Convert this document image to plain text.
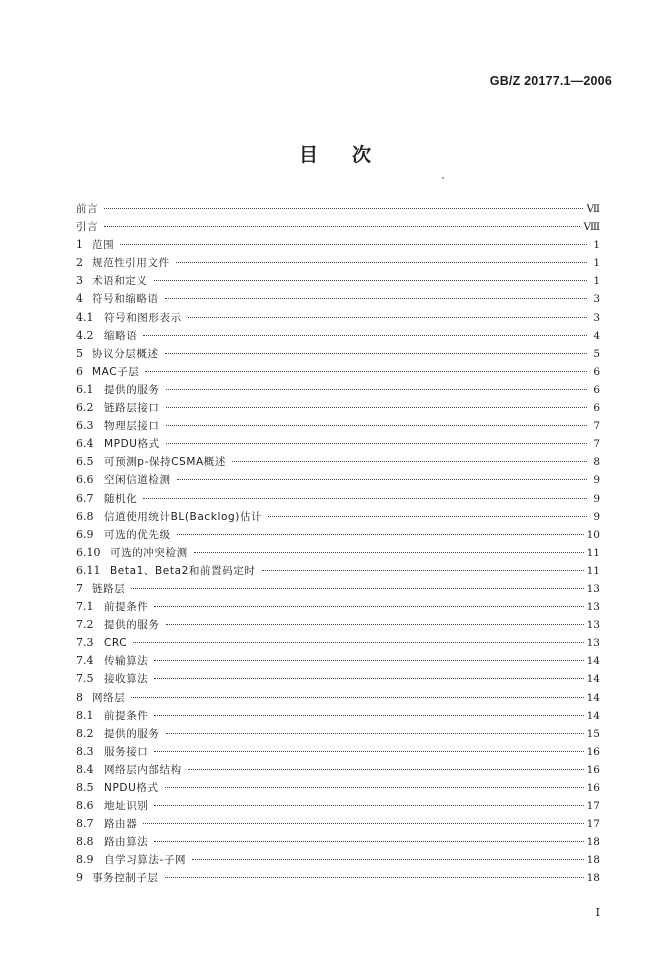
GB/Z 20177.1—2006
目 次
前言	Ⅶ
引言	Ⅷ
1 范围	1
2 规范性引用文件	1
3 术语和定义	1
4 符号和缩略语	3
4.1	符号和图形表示	3
4.2	缩略语	4
5 协议分层概述	5
6 MAC子层	6
6.1	提供的服务	6
6.2	链路层接口	6
6.3	物理层接口	7
6.4	MPDU格式	7
6.5	可预测p-保持CSMA概述	8
6.6	空闲信道检测	9
6.7	随机化	9
6.8	信道使用统计BL(Backlog)估计	9
6.9	可选的优先级	10
6.10 可选的冲突检测	11
6.11 Beta1、Beta2和前置码定时	11
7 链路层	13
7.1	前提条件	13
7.2	提供的服务	13
7.3	CRC	13
7.4	传输算法	14
7.5	接收算法	14
8 网络层	14
8.1	前提条件	14
8.2	提供的服务	15
8.3	服务接口	16
8.4	网络层内部结构	16
8.5	NPDU格式	16
8.6	地址识别	17
8.7	路由器	17
8.8	路由算法	18
8.9	自学习算法-子网	18
9 事务控制子层	18
Ⅰ
